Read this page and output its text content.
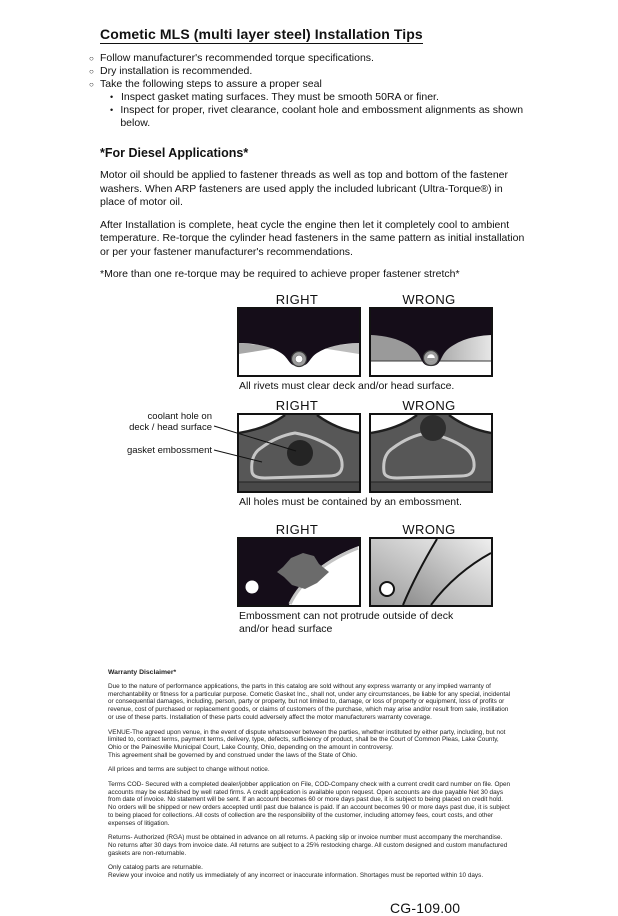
Cometic MLS (multi layer steel) Installation Tips
○ Follow manufacturer's recommended torque specifications.
○ Dry installation is recommended.
○ Take the following steps to assure a proper seal
• Inspect gasket mating surfaces. They must be smooth 50RA or finer.
• Inspect for proper, rivet clearance, coolant hole and embossment alignments as shown below.
*For Diesel Applications*

Motor oil should be applied to fastener threads as well as top and bottom of the fastener washers. When ARP fasteners are used apply the included lubricant (Ultra-Torque®) in place of motor oil.

After Installation is complete, heat cycle the engine then let it completely cool to ambient temperature. Re-torque the cylinder head fasteners in the same pattern as initial installation or per your fastener manufacturer's recommendations.

*More than one re-torque may be required to achieve proper fastener stretch*

RIGHT	WRONG
All rivets must clear deck and/or head surface.
coolant hole on
deck / head surface
gasket embossment
RIGHT	WRONG
All holes must be contained by an embossment.
RIGHT	WRONG
Embossment can not protrude outside of deck
and/or head surface
Warranty Disclaimer*

Due to the nature of performance applications, the parts in this catalog are sold without any express warranty or any implied warranty of merchantability or fitness for a particular purpose. Cometic Gasket Inc., shall not, under any circumstances, be liable for any special, incidental or consequential damages, including, person, party or property, but not limited to, damage, or loss of property or equipment, loss of profits or revenue, cost of purchased or replacement goods, or claims of customers of the purchase, which may arise and/or result from sale, instillation or use of these parts. Installation of these parts could adversely affect the motor manufacturers warranty coverage.

VENUE-The agreed upon venue, in the event of dispute whatsoever between the parties, whether instituted by either party, including, but not limited to, contract terms, payment terms, delivery, type, defects, sufficiency of product, shall be the Court of Common Pleas, Lake County, Ohio or the Painesville Municipal Court, Lake County, Ohio, depending on the amount in controversy.

This agreement shall be governed by and construed under the laws of the State of Ohio.

All prices and terms are subject to change without notice.

Terms COD- Secured with a completed dealer/jobber application on File, COD-Company check with a current credit card number on file. Open accounts may be established by well rated firms. A credit application is available upon request. Open accounts are due payable Net 30 days from date of invoice. No statement will be sent. If an account becomes 60 or more days past due, it is subject to being placed on credit hold. No orders will be shipped or new orders accepted until past due balance is paid. If an account becomes 90 or more days past due, it is subject to being placed for collections. All costs of collection are the responsibility of the customer, including attorney fees, court costs, and other expenses of litigation.

Returns- Authorized (RGA) must be obtained in advance on all returns. A packing slip or invoice number must accompany the merchandise. No returns after 30 days from invoice date. All returns are subject to a 25% restocking charge. All custom designed and custom manufactured gaskets are non-returnable.

Only catalog parts are returnable.

Review your invoice and notify us immediately of any incorrect or inaccurate information. Shortages must be reported within 10 days.

CG-109.00
